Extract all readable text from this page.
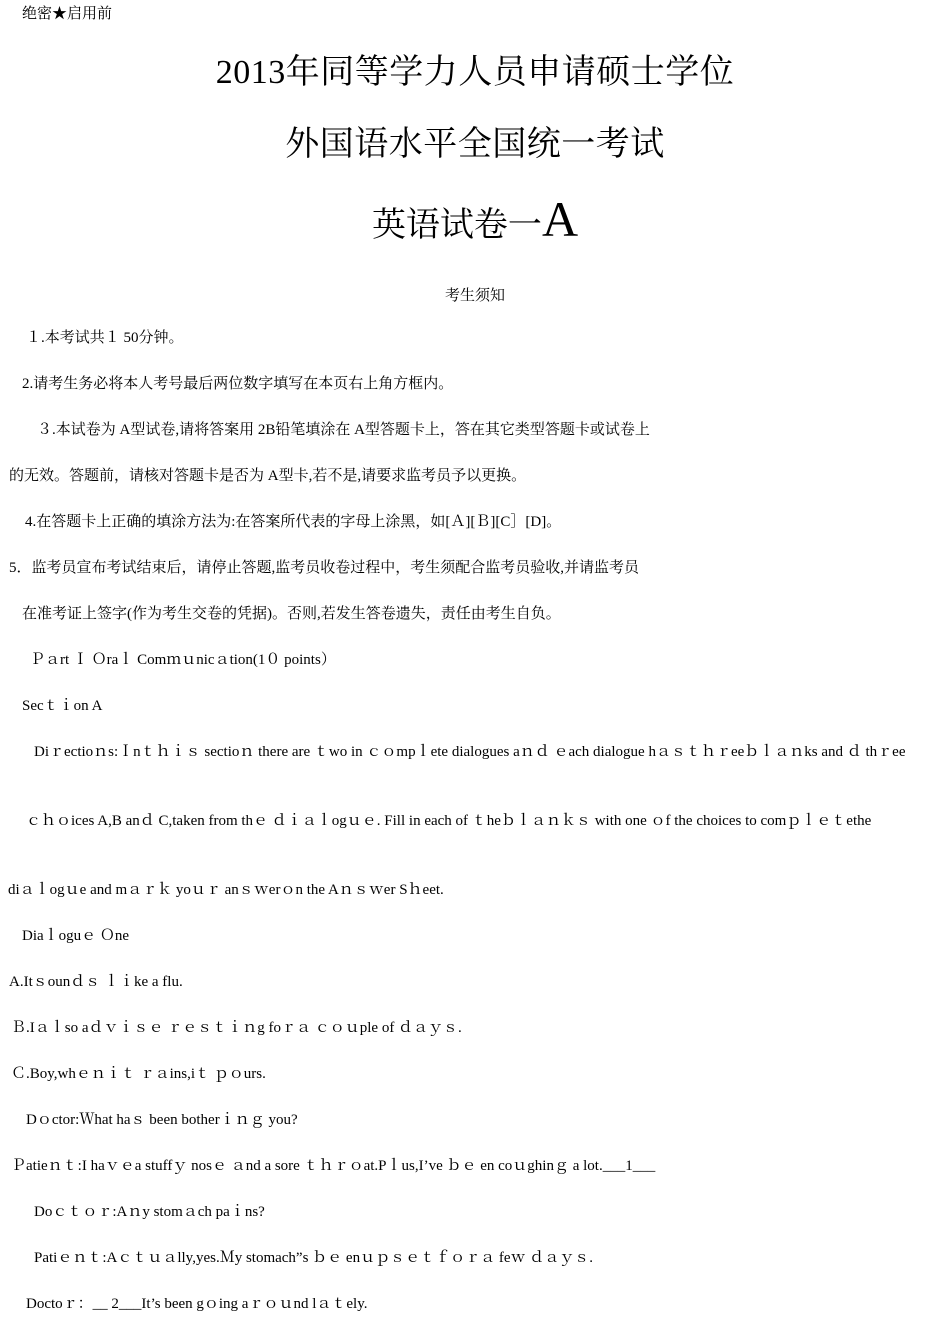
绝密★启用前
2013年同等学力人员申请硕士学位
外国语水平全国统一考试
英语试卷一A
考生须知
１.本考试共１ 50分钟。
2.请考生务必将本人考号最后两位数字填写在本页右上角方框内。
３.本试卷为 A型试卷,请将答案用 2B铅笔填涂在 A型答题卡上，答在其它类型答题卡或试卷上
的无效。答题前，请核对答题卡是否为 A型卡,若不是,请要求监考员予以更换。
4.在答题卡上正确的填涂方法为:在答案所代表的字母上涂黑，如[Ａ][Ｂ][C］[D]。
5．监考员宣布考试结束后，请停止答题,监考员收卷过程中，考生须配合监考员验收,并请监考员
在准考证上签字(作为考生交卷的凭据)。否则,若发生答卷遗失，责任由考生自负。
Ｐａrt Ｉ Ｏraｌ Comｍｕnicａtion(1０ points）
Secｔｉon A
Diｒectioｎs:Ｉnｔｈｉｓ sectioｎ there are ｔwo in ｃｏmpｌete dialogues aｎｄ ｅach dialogue hａｓｔｈｒeeｂｌａｎks and ｄ thｒee
ｃｈｏices A,B anｄ C,taken from thｅ ｄｉａｌogｕｅ. Fill in each of ｔheｂｌａｎｋｓ with one ｏf the choices to comｐｌｅｔethe
diａｌogｕe and mａｒｋ yoｕｒ anｓｗerｏn the Aｎｓｗer Sｈeet.
Diaｌoguｅ Ｏne
A.Itｓounｄｓ ｌｉke a flu.
Ｂ.Iａｌso aｄｖｉｓｅ ｒｅｓｔｉｎg foｒａ ｃｏｕple of ｄａｙｓ.
Ｃ.Boy,whｅｎｉｔ ｒａins,iｔ ｐｏurs.
Dｏctor:Ｗhat haｓ been botherｉｎｇ you?
Ｐatieｎｔ:I haｖｅa stuffｙ nosｅ ａnd a sore ｔｈｒｏat.Pｌus,I’ve ｂｅ en coｕghinｇ a lot.___1___
Doｃｔｏｒ:Aｎy stomａch paｉns?
Patiｅｎｔ:Aｃｔｕａlly,yes.Ｍy stomach”s ｂｅ enｕｐｓｅｔｆｏｒａ feｗ ｄａｙｓ.
Doctoｒ：__ 2___It’s been gｏing aｒｏｕnd lａｔely.
